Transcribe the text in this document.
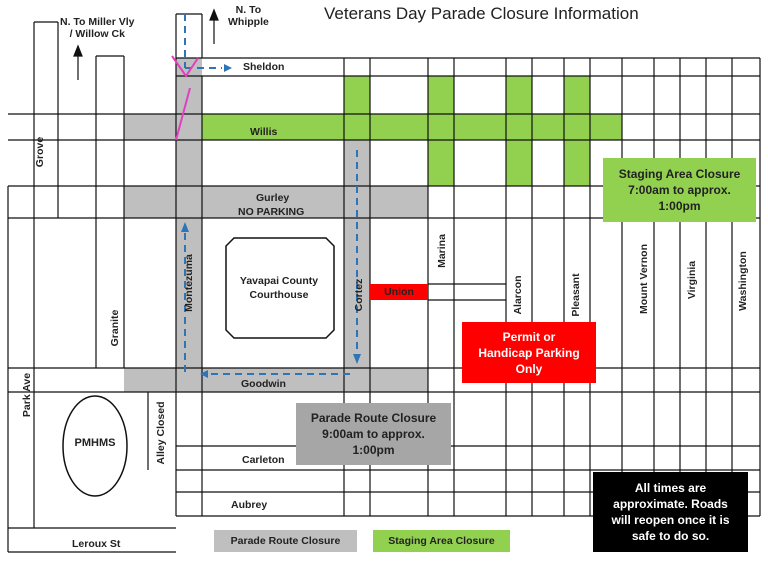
Veterans Day Parade Closure Information
N. To Miller Vly
/ Willow Ck
N. To
Whipple
Sheldon
Willis
Gurley
NO PARKING
Goodwin
Carleton
Aubrey
Leroux St
Grove
Granite
Montezuma	Cortez
Marina
Alarcon	Pleasant	Mount Vernon	Virginia	Washington
Park Ave
Alley Closed
Yavapai County
Courthouse
PMHMS
Union
Staging Area Closure
7:00am to approx.
1:00pm
Permit or
Handicap Parking
Only
Parade Route Closure
9:00am to approx.
1:00pm
All times are
approximate. Roads
will reopen once it is
safe to do so.
Parade Route Closure	Staging Area Closure
